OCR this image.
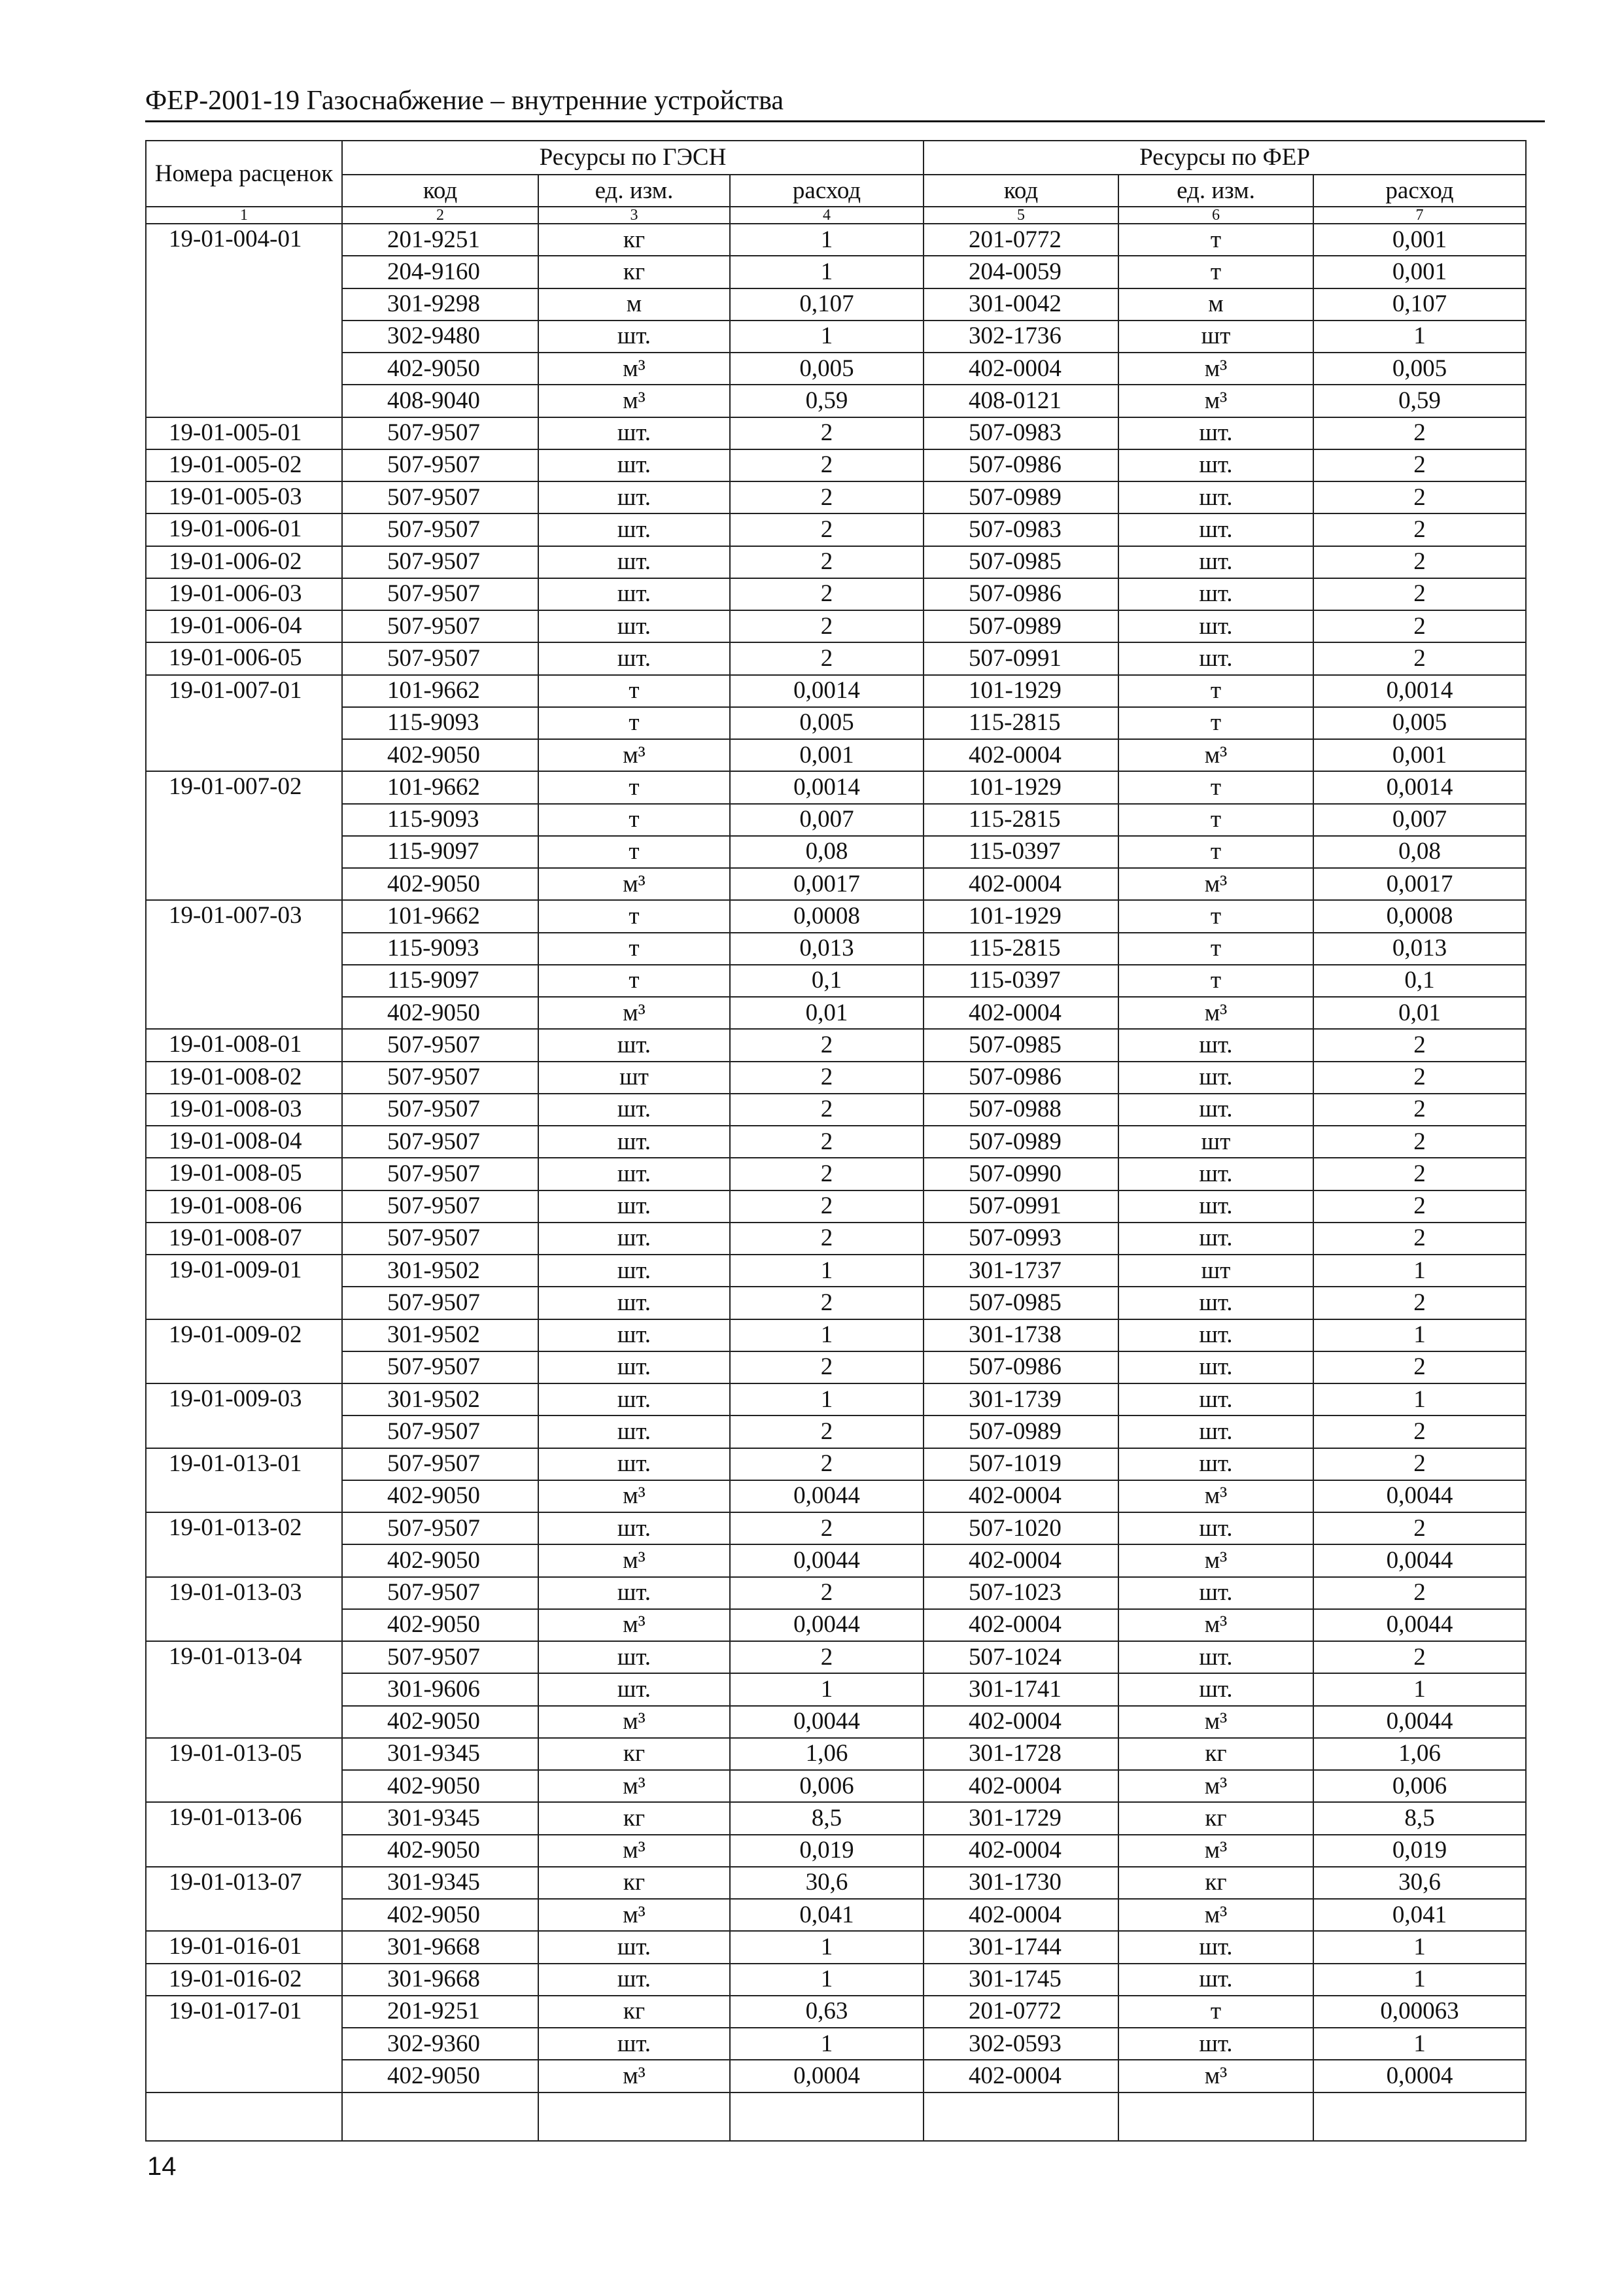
ФЕР-2001-19 Газоснабжение – внутренние устройства
Номера расценок	Ресурсы по ГЭСН			Ресурсы по ФЕР		
	код	ед. изм.	расход	код	ед. изм.	расход
1	2	3	4	5	6	7
19-01-004-01	201-9251	кг	1	201-0772	т	0,001
	204-9160	кг	1	204-0059	т	0,001
	301-9298	м	0,107	301-0042	м	0,107
	302-9480	шт.	1	302-1736	шт	1
	402-9050	м³	0,005	402-0004	м³	0,005
	408-9040	м³	0,59	408-0121	м³	0,59
19-01-005-01	507-9507	шт.	2	507-0983	шт.	2
19-01-005-02	507-9507	шт.	2	507-0986	шт.	2
19-01-005-03	507-9507	шт.	2	507-0989	шт.	2
19-01-006-01	507-9507	шт.	2	507-0983	шт.	2
19-01-006-02	507-9507	шт.	2	507-0985	шт.	2
19-01-006-03	507-9507	шт.	2	507-0986	шт.	2
19-01-006-04	507-9507	шт.	2	507-0989	шт.	2
19-01-006-05	507-9507	шт.	2	507-0991	шт.	2
19-01-007-01	101-9662	т	0,0014	101-1929	т	0,0014
	115-9093	т	0,005	115-2815	т	0,005
	402-9050	м³	0,001	402-0004	м³	0,001
19-01-007-02	101-9662	т	0,0014	101-1929	т	0,0014
	115-9093	т	0,007	115-2815	т	0,007
	115-9097	т	0,08	115-0397	т	0,08
	402-9050	м³	0,0017	402-0004	м³	0,0017
19-01-007-03	101-9662	т	0,0008	101-1929	т	0,0008
	115-9093	т	0,013	115-2815	т	0,013
	115-9097	т	0,1	115-0397	т	0,1
	402-9050	м³	0,01	402-0004	м³	0,01
19-01-008-01	507-9507	шт.	2	507-0985	шт.	2
19-01-008-02	507-9507	шт	2	507-0986	шт.	2
19-01-008-03	507-9507	шт.	2	507-0988	шт.	2
19-01-008-04	507-9507	шт.	2	507-0989	шт	2
19-01-008-05	507-9507	шт.	2	507-0990	шт.	2
19-01-008-06	507-9507	шт.	2	507-0991	шт.	2
19-01-008-07	507-9507	шт.	2	507-0993	шт.	2
19-01-009-01	301-9502	шт.	1	301-1737	шт	1
	507-9507	шт.	2	507-0985	шт.	2
19-01-009-02	301-9502	шт.	1	301-1738	шт.	1
	507-9507	шт.	2	507-0986	шт.	2
19-01-009-03	301-9502	шт.	1	301-1739	шт.	1
	507-9507	шт.	2	507-0989	шт.	2
19-01-013-01	507-9507	шт.	2	507-1019	шт.	2
	402-9050	м³	0,0044	402-0004	м³	0,0044
19-01-013-02	507-9507	шт.	2	507-1020	шт.	2
	402-9050	м³	0,0044	402-0004	м³	0,0044
19-01-013-03	507-9507	шт.	2	507-1023	шт.	2
	402-9050	м³	0,0044	402-0004	м³	0,0044
19-01-013-04	507-9507	шт.	2	507-1024	шт.	2
	301-9606	шт.	1	301-1741	шт.	1
	402-9050	м³	0,0044	402-0004	м³	0,0044
19-01-013-05	301-9345	кг	1,06	301-1728	кг	1,06
	402-9050	м³	0,006	402-0004	м³	0,006
19-01-013-06	301-9345	кг	8,5	301-1729	кг	8,5
	402-9050	м³	0,019	402-0004	м³	0,019
19-01-013-07	301-9345	кг	30,6	301-1730	кг	30,6
	402-9050	м³	0,041	402-0004	м³	0,041
19-01-016-01	301-9668	шт.	1	301-1744	шт.	1
19-01-016-02	301-9668	шт.	1	301-1745	шт.	1
19-01-017-01	201-9251	кг	0,63	201-0772	т	0,00063
	302-9360	шт.	1	302-0593	шт.	1
	402-9050	м³	0,0004	402-0004	м³	0,0004

14
